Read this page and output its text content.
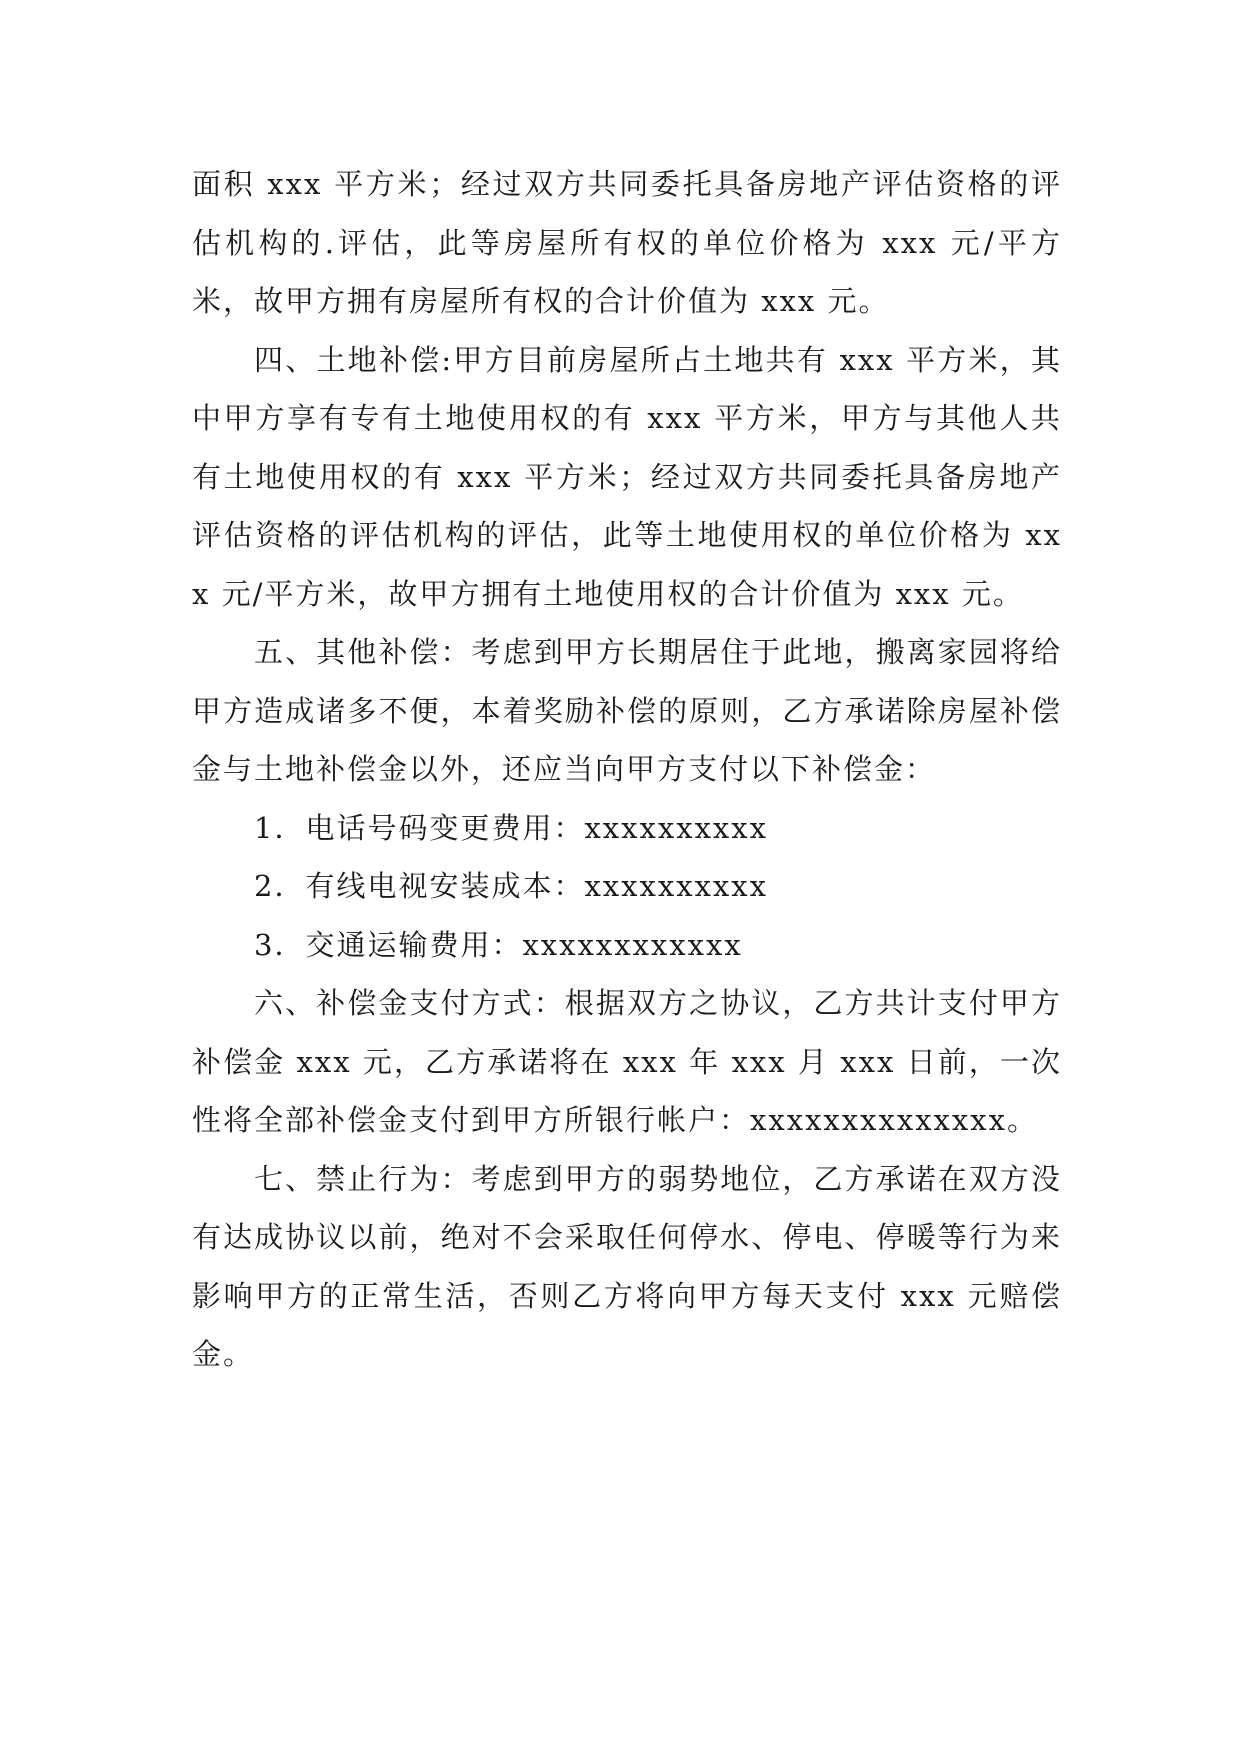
面积 xxx 平方米；经过双方共同委托具备房地产评估资格的评估机构的.评估，此等房屋所有权的单位价格为 xxx 元/平方米，故甲方拥有房屋所有权的合计价值为 xxx 元。

四、土地补偿:甲方目前房屋所占土地共有 xxx 平方米，其中甲方享有专有土地使用权的有 xxx 平方米，甲方与其他人共有土地使用权的有 xxx 平方米；经过双方共同委托具备房地产评估资格的评估机构的评估，此等土地使用权的单位价格为 xxx 元/平方米，故甲方拥有土地使用权的合计价值为 xxx 元。

五、其他补偿：考虑到甲方长期居住于此地，搬离家园将给甲方造成诸多不便，本着奖励补偿的原则，乙方承诺除房屋补偿金与土地补偿金以外，还应当向甲方支付以下补偿金：

1．电话号码变更费用：xxxxxxxxxx

2．有线电视安装成本：xxxxxxxxxx

3．交通运输费用：xxxxxxxxxxxx

六、补偿金支付方式：根据双方之协议，乙方共计支付甲方补偿金 xxx 元，乙方承诺将在 xxx 年 xxx 月 xxx 日前，一次性将全部补偿金支付到甲方所银行帐户：xxxxxxxxxxxxxx。

七、禁止行为：考虑到甲方的弱势地位，乙方承诺在双方没有达成协议以前，绝对不会采取任何停水、停电、停暖等行为来影响甲方的正常生活，否则乙方将向甲方每天支付 xxx 元赔偿金。
